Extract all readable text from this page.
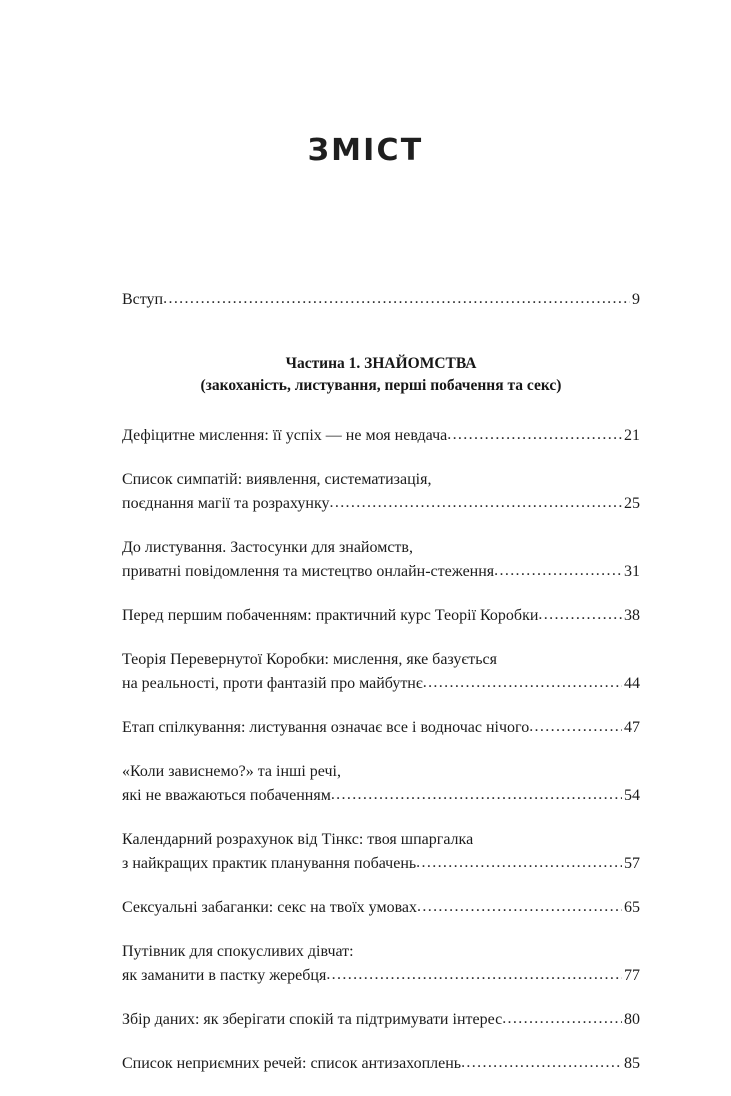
ЗМІСТ
Вступ .....	9
Частина 1. ЗНАЙОМСТВА
(закоханість, листування, перші побачення та секс)
Дефіцитне мислення: її успіх — не моя невдача .....	21
Список симпатій: виявлення, систематизація,
поєднання магії та розрахунку .....	25
До листування. Застосунки для знайомств,
приватні повідомлення та мистецтво онлайн-стеження .....	31
Перед першим побаченням: практичний курс Теорії Коробки .....	38
Теорія Перевернутої Коробки: мислення, яке базується
на реальності, проти фантазій про майбутнє .....	44
Етап спілкування: листування означає все і водночас нічого .....	47
«Коли зависнемо?» та інші речі,
які не вважаються побаченням .....	54
Календарний розрахунок від Тінкс: твоя шпаргалка
з найкращих практик планування побачень .....	57
Сексуальні забаганки: секс на твоїх умовах .....	65
Путівник для спокусливих дівчат:
як заманити в пастку жеребця .....	77
Збір даних: як зберігати спокій та підтримувати інтерес .....	80
Список неприємних речей: список антизахоплень .....	85
